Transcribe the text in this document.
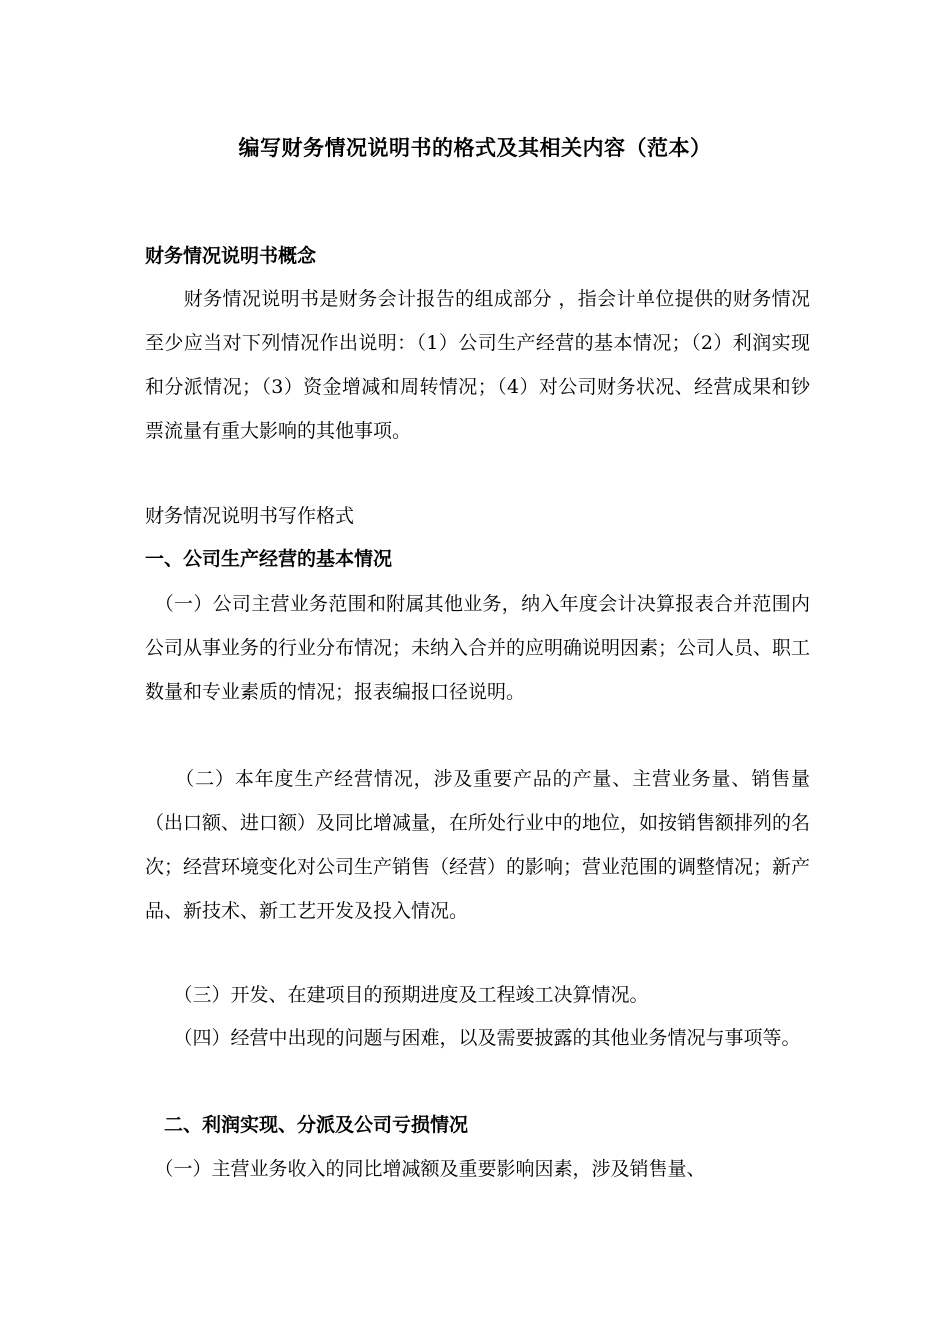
编写财务情况说明书的格式及其相关内容（范本）
财务情况说明书概念
　　财务情况说明书是财务会计报告的组成部分 ，指会计单位提供的财务情况至少应当对下列情况作出说明：（1）公司生产经营的基本情况；（2）利润实现和分派情况；（3）资金增减和周转情况；（4）对公司财务状况、经营成果和钞票流量有重大影响的其他事项。
财务情况说明书写作格式
一、公司生产经营的基本情况
　（一）公司主营业务范围和附属其他业务，纳入年度会计决算报表合并范围内公司从事业务的行业分布情况；未纳入合并的应明确说明因素；公司人员、职工数量和专业素质的情况；报表编报口径说明。
　　（二）本年度生产经营情况，涉及重要产品的产量、主营业务量、销售量（出口额、进口额）及同比增减量，在所处行业中的地位，如按销售额排列的名次；经营环境变化对公司生产销售（经营）的影响；营业范围的调整情况；新产品、新技术、新工艺开发及投入情况。
　　（三）开发、在建项目的预期进度及工程竣工决算情况。
　　（四）经营中出现的问题与困难，以及需要披露的其他业务情况与事项等。
　二、利润实现、分派及公司亏损情况
　（一）主营业务收入的同比增减额及重要影响因素，涉及销售量、
